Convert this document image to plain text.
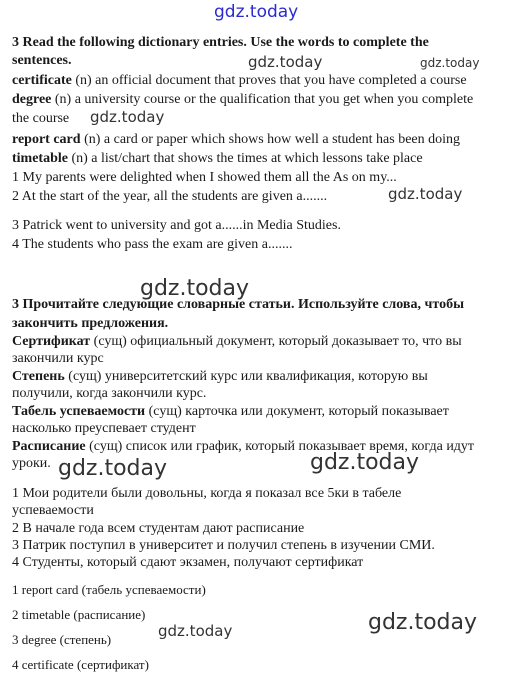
gdz.today
gdz.today	gdz.today
gdz.today
gdz.today
gdz.today
gdz.today	gdz.today
gdz.today	gdz.today
3 Read the following dictionary entries. Use the words to complete the
sentences.
certificate (n) an official document that proves that you have completed a course
degree (n) a university course or the qualification that you get when you complete
the course
report card (n) a card or paper which shows how well a student has been doing
timetable (n) a list/chart that shows the times at which lessons take place
1 My parents were delighted when I showed them all the As on my...
2 At the start of the year, all the students are given a.......
3 Patrick went to university and got a......in Media Studies.
4 The students who pass the exam are given a.......
3 Прочитайте следующие словарные статьи. Используйте слова, чтобы
закончить предложения.
Сертификат (сущ) официальный документ, который доказывает то, что вы
закончили курс
Степень (сущ) университетский курс или квалификация, которую вы
получили, когда закончили курс.
Табель успеваемости (сущ) карточка или документ, который показывает
насколько преуспевает студент
Расписание (сущ) список или график, который показывает время, когда идут
уроки.
1 Мои родители были довольны, когда я показал все 5ки в табеле
успеваемости
2 В начале года всем студентам дают расписание
3 Патрик поступил в университет и получил степень в изучении СМИ.
4 Студенты, который сдают экзамен, получают сертификат
1 report card (табель успеваемости)
2 timetable (расписание)
3 degree (степень)
4 certificate (сертификат)
